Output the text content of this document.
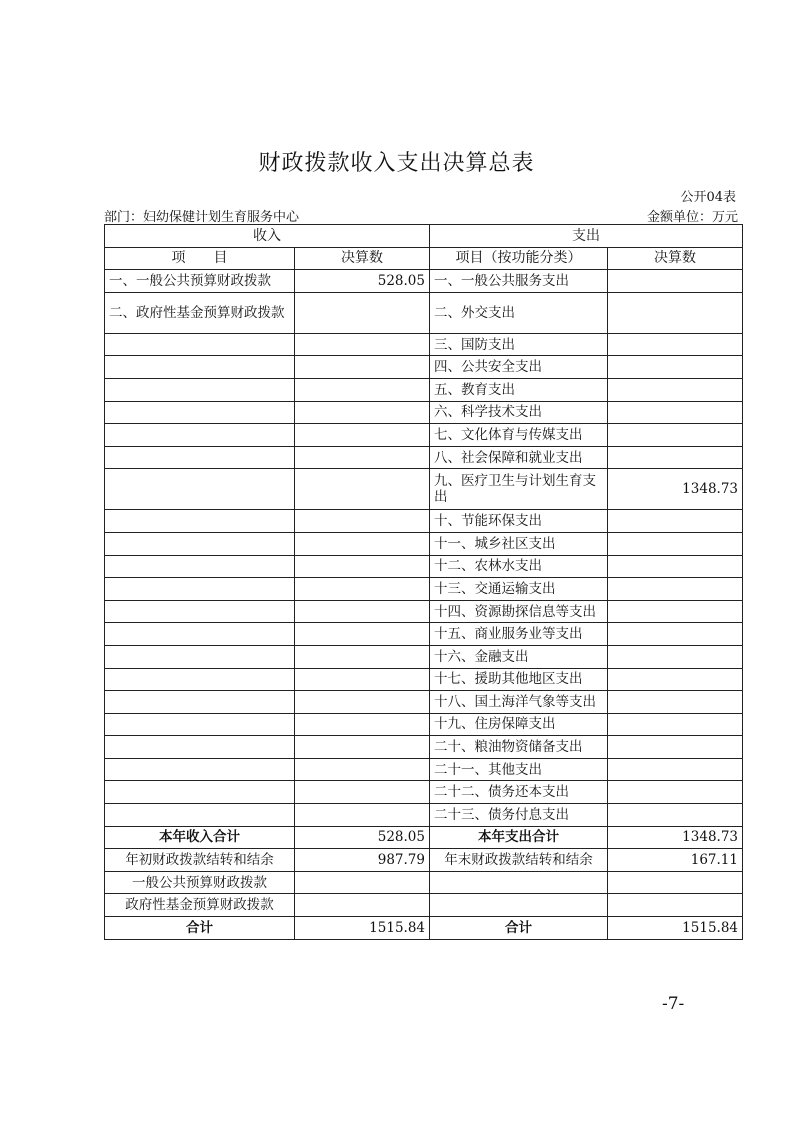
财政拨款收入支出决算总表
公开04表
部门：妇幼保健计划生育服务中心	金额单位：万元
收入		支出	
项　　目	决算数	项目（按功能分类）	决算数
一、一般公共预算财政拨款	528.05	一、一般公共服务支出	
二、政府性基金预算财政拨款		二、外交支出	
		三、国防支出	
		四、公共安全支出	
		五、教育支出	
		六、科学技术支出	
		七、文化体育与传媒支出	
		八、社会保障和就业支出	
		九、医疗卫生与计划生育支出	1348.73
		十、节能环保支出	
		十一、城乡社区支出	
		十二、农林水支出	
		十三、交通运输支出	
		十四、资源勘探信息等支出	
		十五、商业服务业等支出	
		十六、金融支出	
		十七、援助其他地区支出	
		十八、国土海洋气象等支出	
		十九、住房保障支出	
		二十、粮油物资储备支出	
		二十一、其他支出	
		二十二、债务还本支出	
		二十三、债务付息支出	
本年收入合计	528.05	本年支出合计	1348.73
年初财政拨款结转和结余	987.79	年末财政拨款结转和结余	167.11
一般公共预算财政拨款			
政府性基金预算财政拨款			
合计	1515.84	合计	1515.84
-7-
